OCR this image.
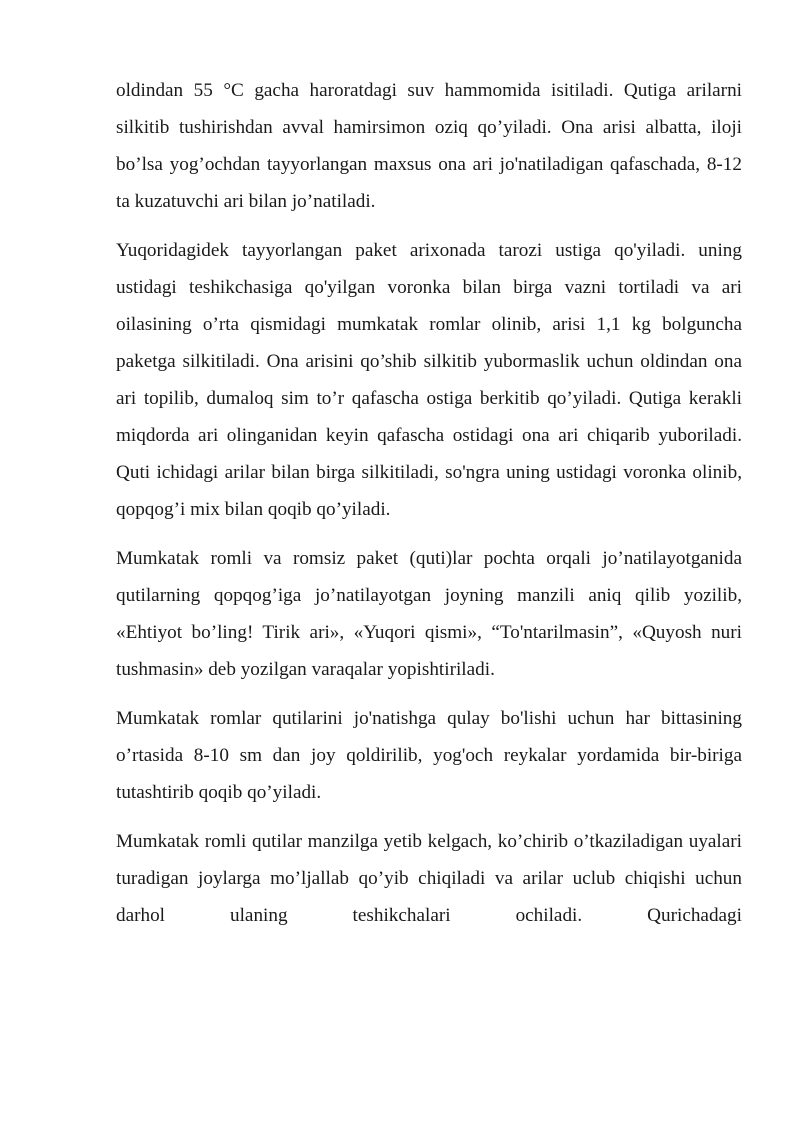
oldindan 55 °C gacha haroratdagi suv hammomida isitiladi. Qutiga arilarni silkitib tushirishdan avval hamirsimon oziq qo’yiladi. Ona arisi albatta, iloji bo’lsa yog’ochdan tayyorlangan maxsus ona ari jo'natiladigan qafaschada, 8-12 ta kuzatuvchi ari bilan jo’natiladi.

Yuqoridagidek tayyorlangan paket arixonada tarozi ustiga qo'yiladi. uning ustidagi teshikchasiga qo'yilgan voronka bilan birga vazni tortiladi va ari oilasining o’rta qismidagi mumkatak romlar olinib, arisi 1,1 kg bolguncha paketga silkitiladi. Ona arisini qo’shib silkitib yubormaslik uchun oldindan ona ari topilib, dumaloq sim to’r qafascha ostiga berkitib qo’yiladi. Qutiga kerakli miqdorda ari olinganidan keyin qafascha ostidagi ona ari chiqarib yuboriladi. Quti ichidagi arilar bilan birga silkitiladi, so'ngra uning ustidagi voronka olinib, qopqog’i mix bilan qoqib qo’yiladi.

Mumkatak romli va romsiz paket (quti)lar pochta orqali jo’natilayotganida qutilarning qopqog’iga jo’natilayotgan joyning manzili aniq qilib yozilib, «Ehtiyot bo’ling! Tirik ari», «Yuqori qismi», “To'ntarilmasin”, «Quyosh nuri tushmasin» deb yozilgan varaqalar yopishtiriladi.

Mumkatak romlar qutilarini jo'natishga qulay bo'lishi uchun har bittasining o’rtasida 8-10 sm dan joy qoldirilib, yog'och reykalar yordamida bir-biriga tutashtirib qoqib qo’yiladi.

Mumkatak romli qutilar manzilga yetib kelgach, ko’chirib o’tkaziladigan uyalari turadigan joylarga mo’ljallab qo’yib chiqiladi va arilar uclub chiqishi uchun darhol ulaning teshikchalari ochiladi. Qurichadagi
